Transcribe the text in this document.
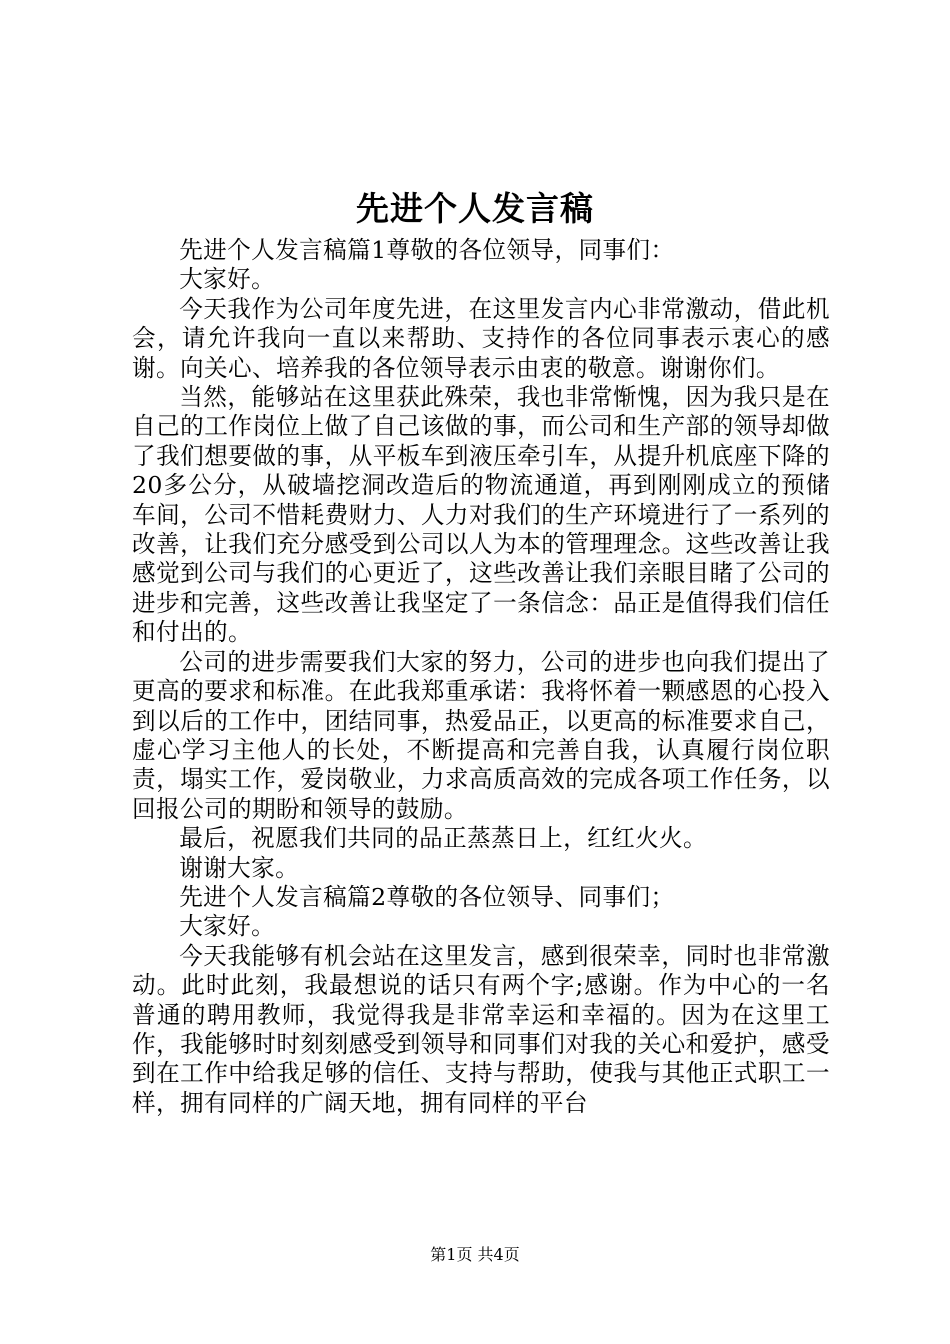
先进个人发言稿

先进个人发言稿篇1尊敬的各位领导，同事们：

大家好。

今天我作为公司年度先进，在这里发言内心非常激动，借此机会，请允许我向一直以来帮助、支持作的各位同事表示衷心的感谢。向关心、培养我的各位领导表示由衷的敬意。谢谢你们。

当然，能够站在这里获此殊荣，我也非常惭愧，因为我只是在自己的工作岗位上做了自己该做的事，而公司和生产部的领导却做了我们想要做的事，从平板车到液压牵引车，从提升机底座下降的20多公分，从破墙挖洞改造后的物流通道，再到刚刚成立的预储车间，公司不惜耗费财力、人力对我们的生产环境进行了一系列的改善，让我们充分感受到公司以人为本的管理理念。这些改善让我感觉到公司与我们的心更近了，这些改善让我们亲眼目睹了公司的进步和完善，这些改善让我坚定了一条信念：品正是值得我们信任和付出的。

公司的进步需要我们大家的努力，公司的进步也向我们提出了更高的要求和标准。在此我郑重承诺：我将怀着一颗感恩的心投入到以后的工作中，团结同事，热爱品正，以更高的标准要求自己，虚心学习主他人的长处，不断提高和完善自我，认真履行岗位职责，塌实工作，爱岗敬业，力求高质高效的完成各项工作任务，以回报公司的期盼和领导的鼓励。

最后，祝愿我们共同的品正蒸蒸日上，红红火火。

谢谢大家。

先进个人发言稿篇2尊敬的各位领导、同事们；

大家好。

今天我能够有机会站在这里发言，感到很荣幸，同时也非常激动。此时此刻，我最想说的话只有两个字;感谢。作为中心的一名普通的聘用教师，我觉得我是非常幸运和幸福的。因为在这里工作，我能够时时刻刻感受到领导和同事们对我的关心和爱护，感受到在工作中给我足够的信任、支持与帮助，使我与其他正式职工一样，拥有同样的广阔天地，拥有同样的平台

第1页 共4页
